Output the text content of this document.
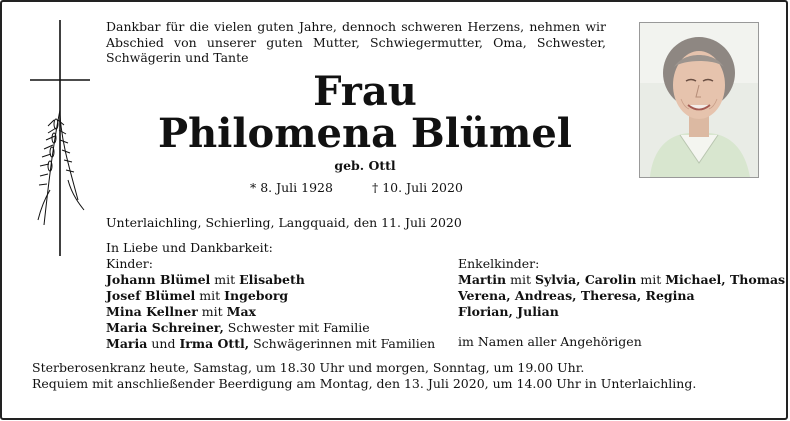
Dankbar für die vielen guten Jahre, dennoch schweren Herzens, nehmen wir Abschied von unserer guten Mutter, Schwiegermutter, Oma, Schwester, Schwägerin und Tante
Frau
Philomena Blümel
geb. Ottl
* 8. Juli 1928	† 10. Juli 2020
Unterlaichling, Schierling, Langquaid, den 11. Juli 2020
In Liebe und Dankbarkeit:
Kinder:
Johann Blümel mit Elisabeth
Josef Blümel mit Ingeborg
Mina Kellner mit Max
Maria Schreiner, Schwester mit Familie
Maria und Irma Ottl, Schwägerinnen mit Familien
Enkelkinder:
Martin mit Sylvia, Carolin mit Michael, Thomas
Verena, Andreas, Theresa, Regina
Florian, Julian
im Namen aller Angehörigen
Sterberosenkranz heute, Samstag, um 18.30 Uhr und morgen, Sonntag, um 19.00 Uhr.
Requiem mit anschließender Beerdigung am Montag, den 13. Juli 2020, um 14.00 Uhr in Unterlaichling.
